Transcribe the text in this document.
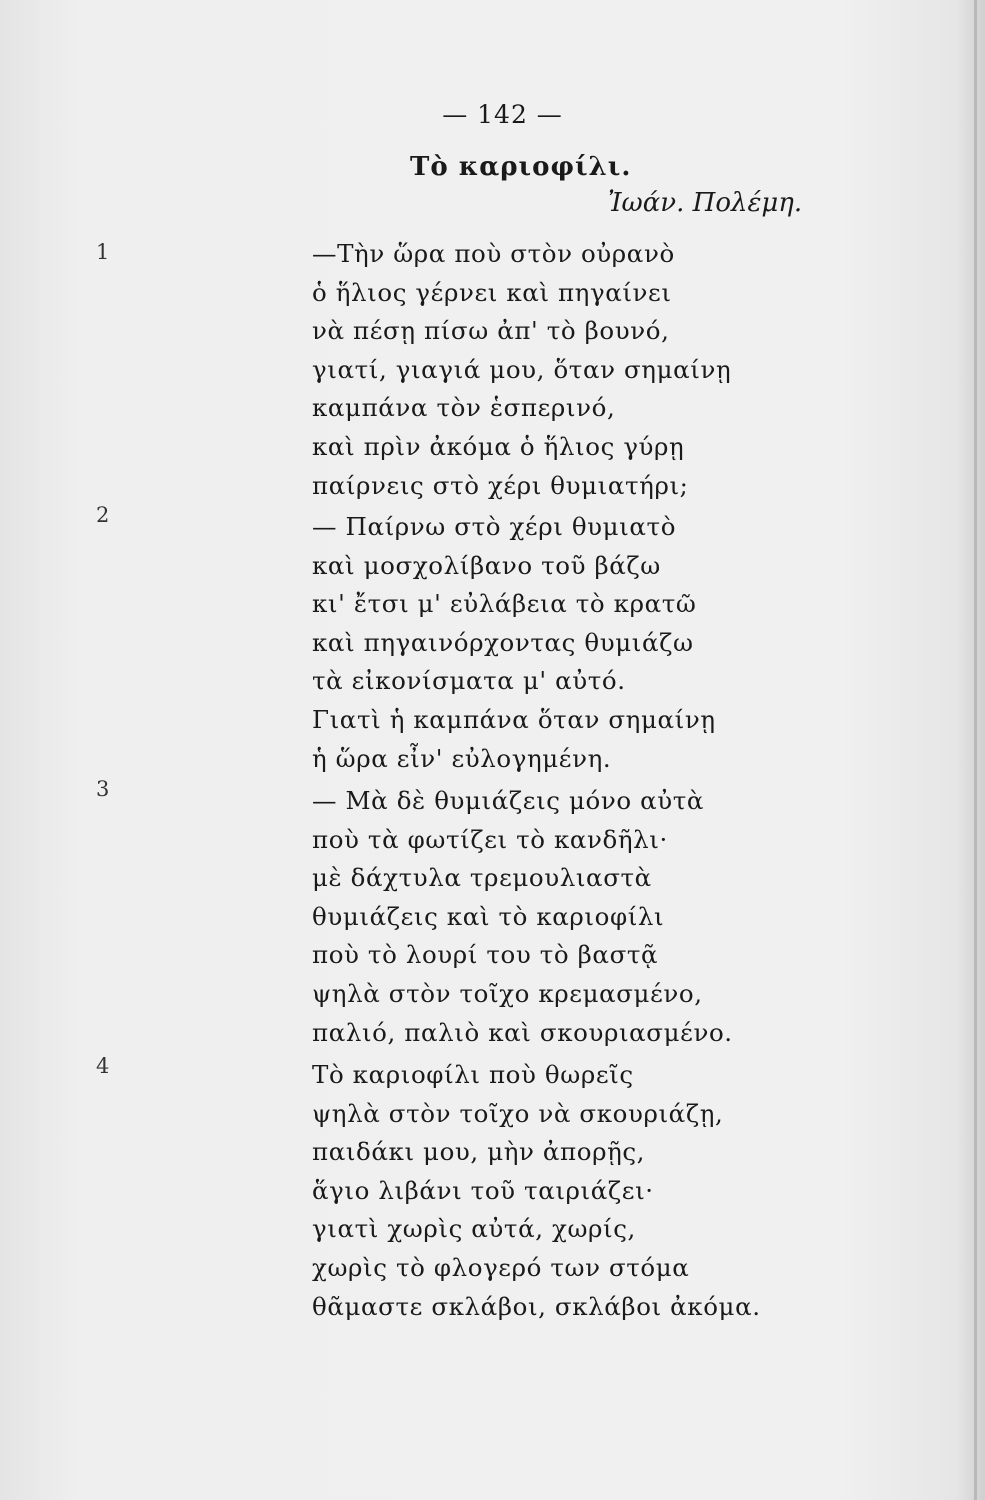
— 142 —
Τὸ καριοφίλι.
Ἰωάν. Πολέμη.
1	—Τὴν ὥρα ποὺ στὸν οὐρανὸ
ὁ ἥλιος γέρνει καὶ πηγαίνει
νὰ πέσῃ πίσω ἀπ' τὸ βουνό,
γιατί, γιαγιά μου, ὅταν σημαίνῃ
καμπάνα τὸν ἑσπερινό,
καὶ πρὶν ἀκόμα ὁ ἥλιος γύρῃ
παίρνεις στὸ χέρι θυμιατήρι;
2	— Παίρνω στὸ χέρι θυμιατὸ
καὶ μοσχολίβανο τοῦ βάζω
κι' ἔτσι μ' εὐλάβεια τὸ κρατῶ
καὶ πηγαινόρχοντας θυμιάζω
τὰ εἰκονίσματα μ' αὐτό.
Γιατὶ ἡ καμπάνα ὅταν σημαίνῃ
ἡ ὥρα εἶν' εὐλογημένη.
3	— Μὰ δὲ θυμιάζεις μόνο αὐτὰ
ποὺ τὰ φωτίζει τὸ κανδῆλι·
μὲ δάχτυλα τρεμουλιαστὰ
θυμιάζεις καὶ τὸ καριοφίλι
ποὺ τὸ λουρί του τὸ βαστᾷ
ψηλὰ στὸν τοῖχο κρεμασμένο,
παλιό, παλιὸ καὶ σκουριασμένο.
4	Τὸ καριοφίλι ποὺ θωρεῖς
ψηλὰ στὸν τοῖχο νὰ σκουριάζῃ,
παιδάκι μου, μὴν ἀπορῇς,
ἅγιο λιβάνι τοῦ ταιριάζει·
γιατὶ χωρὶς αὐτά, χωρίς,
χωρὶς τὸ φλογερό των στόμα
θᾶμαστε σκλάβοι, σκλάβοι ἀκόμα.
